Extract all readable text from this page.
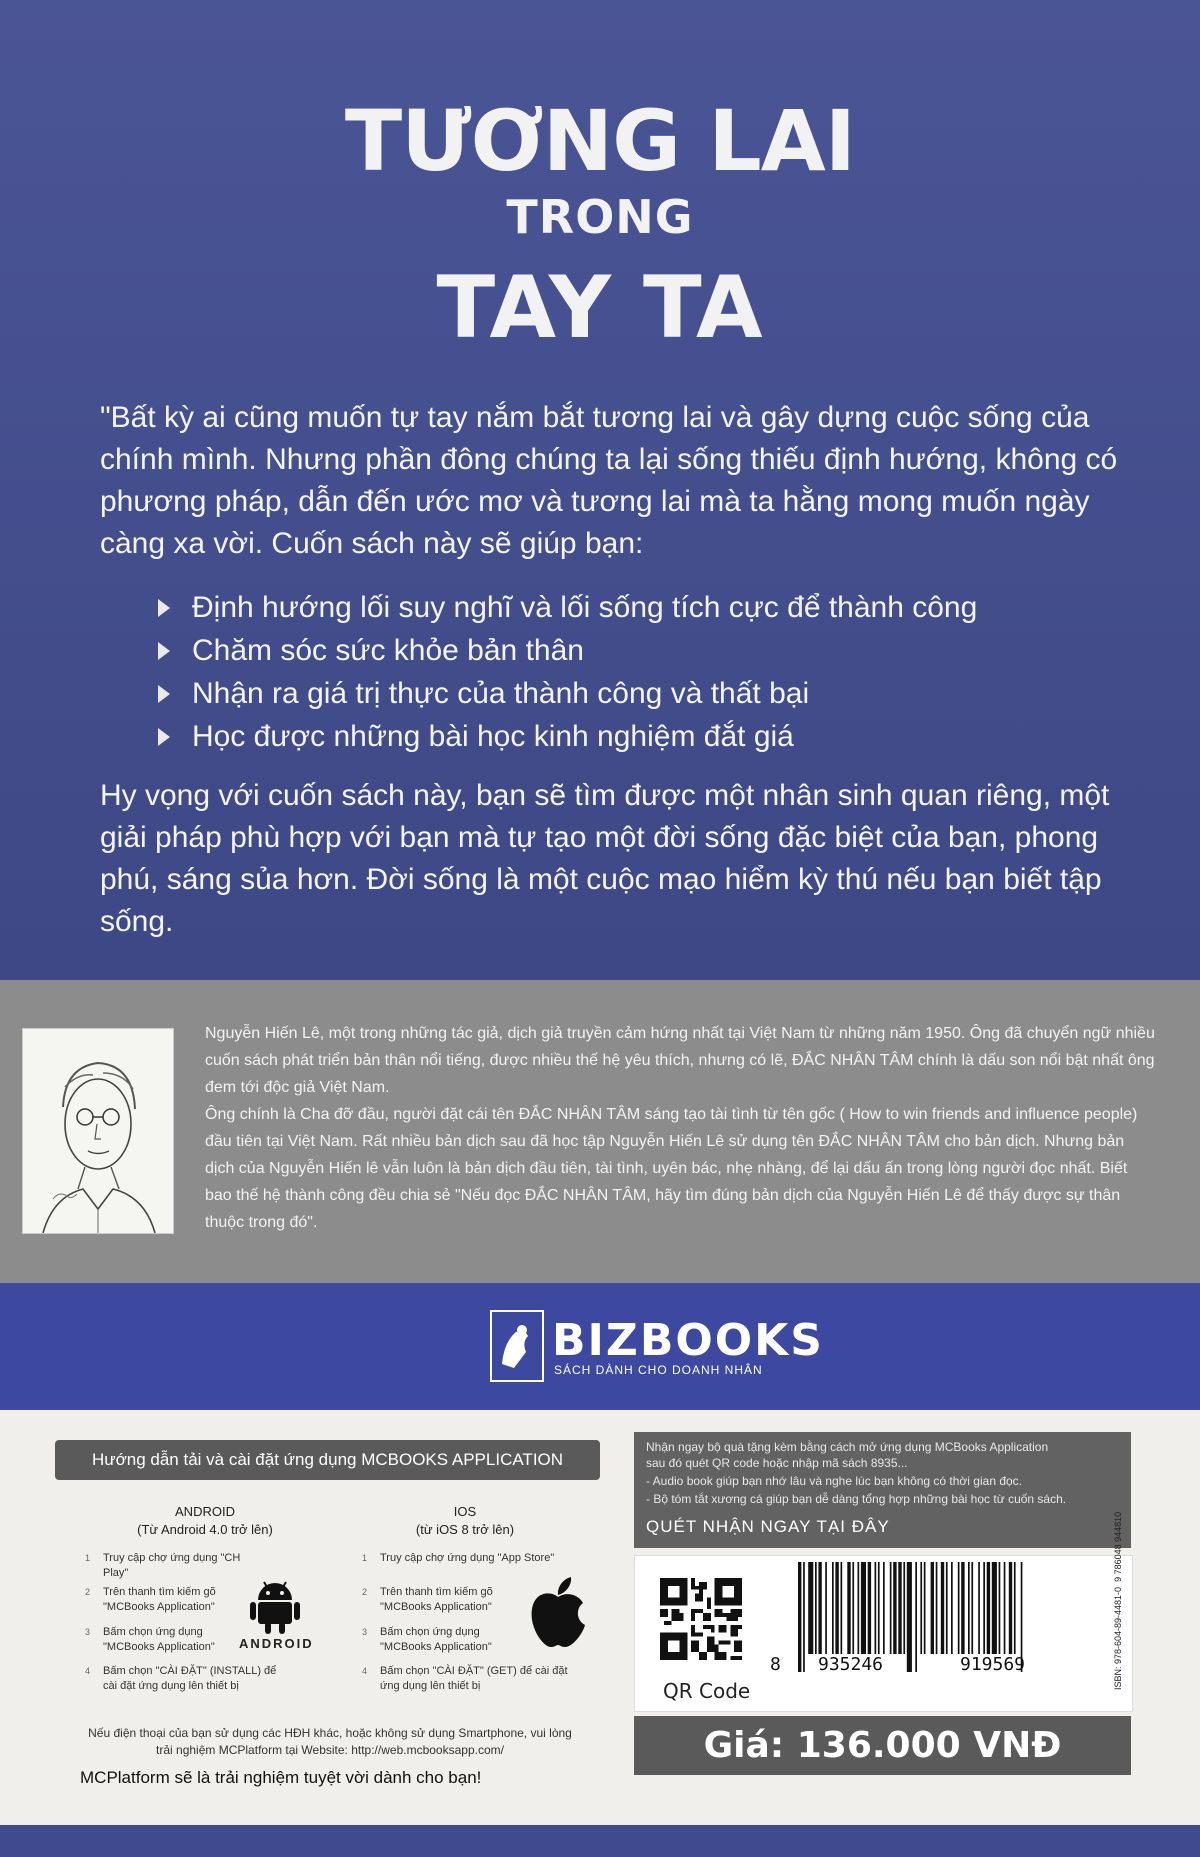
TƯƠNG LAI
TRONG
TAY TA

"Bất kỳ ai cũng muốn tự tay nắm bắt tương lai và gây dựng cuộc sống của chính mình. Nhưng phần đông chúng ta lại sống thiếu định hướng, không có phương pháp, dẫn đến ước mơ và tương lai mà ta hằng mong muốn ngày càng xa vời. Cuốn sách này sẽ giúp bạn:

Định hướng lối suy nghĩ và lối sống tích cực để thành công
Chăm sóc sức khỏe bản thân
Nhận ra giá trị thực của thành công và thất bại
Học được những bài học kinh nghiệm đắt giá

Hy vọng với cuốn sách này, bạn sẽ tìm được một nhân sinh quan riêng, một giải pháp phù hợp với bạn mà tự tạo một đời sống đặc biệt của bạn, phong phú, sáng sủa hơn. Đời sống là một cuộc mạo hiểm kỳ thú nếu bạn biết tập sống.

Nguyễn Hiến Lê, một trong những tác giả, dịch giả truyền cảm hứng nhất tại Việt Nam từ những năm 1950. Ông đã chuyển ngữ nhiều cuốn sách phát triển bản thân nổi tiếng, được nhiều thế hệ yêu thích, nhưng có lẽ, ĐẮC NHÂN TÂM chính là dấu son nổi bật nhất ông đem tới độc giả Việt Nam.
Ông chính là Cha đỡ đầu, người đặt cái tên ĐẮC NHÂN TÂM sáng tạo tài tình từ tên gốc ( How to win friends and influence people) đầu tiên tại Việt Nam. Rất nhiều bản dịch sau đã học tập Nguyễn Hiến Lê sử dụng tên ĐẮC NHÂN TÂM cho bản dịch. Nhưng bản dịch của Nguyễn Hiến lê vẫn luôn là bản dịch đầu tiên, tài tình, uyên bác, nhẹ nhàng, để lại dấu ấn trong lòng người đọc nhất. Biết bao thế hệ thành công đều chia sẻ "Nếu đọc ĐẮC NHÂN TÂM, hãy tìm đúng bản dịch của Nguyễn Hiến Lê để thấy được sự thân thuộc trong đó".
BIZBOOKS
SÁCH DÀNH CHO DOANH NHÂN
Hướng dẫn tải và cài đặt ứng dụng MCBOOKS APPLICATION
ANDROID
(Từ Android 4.0 trở lên)
IOS
(từ iOS 8 trở lên)
1 Truy cập chợ ứng dụng "CH Play"
2 Trên thanh tìm kiếm gõ "MCBooks Application"
3 Bấm chọn ứng dụng "MCBooks Application"
4 Bấm chọn "CÀI ĐẶT" (INSTALL) để cài đặt ứng dụng lên thiết bị
ANDROID
1 Truy cập chợ ứng dụng "App Store"
2 Trên thanh tìm kiếm gõ "MCBooks Application"
3 Bấm chọn ứng dụng "MCBooks Application"
4 Bấm chọn "CÀI ĐẶT" (GET) để cài đặt ứng dụng lên thiết bị
Nếu điện thoại của bạn sử dụng các HĐH khác, hoặc không sử dụng Smartphone, vui lòng trải nghiệm MCPlatform tại Website: http://web.mcbooksapp.com/
MCPlatform sẽ là trải nghiệm tuyệt vời dành cho bạn!
Nhận ngay bộ quà tặng kèm bằng cách mở ứng dụng MCBooks Application
sau đó quét QR code hoặc nhập mã sách 8935...
- Audio book giúp bạn nhớ lâu và nghe lúc bạn không có thời gian đọc.
- Bộ tóm tắt xương cá giúp bạn dễ dàng tổng hợp những bài học từ cuốn sách.
QUÉT NHẬN NGAY TẠI ĐÂY
QR Code
8 935246	919569	ISBN: 978-604-89-4481-0  9 786048 944810
Giá: 136.000 VNĐ
